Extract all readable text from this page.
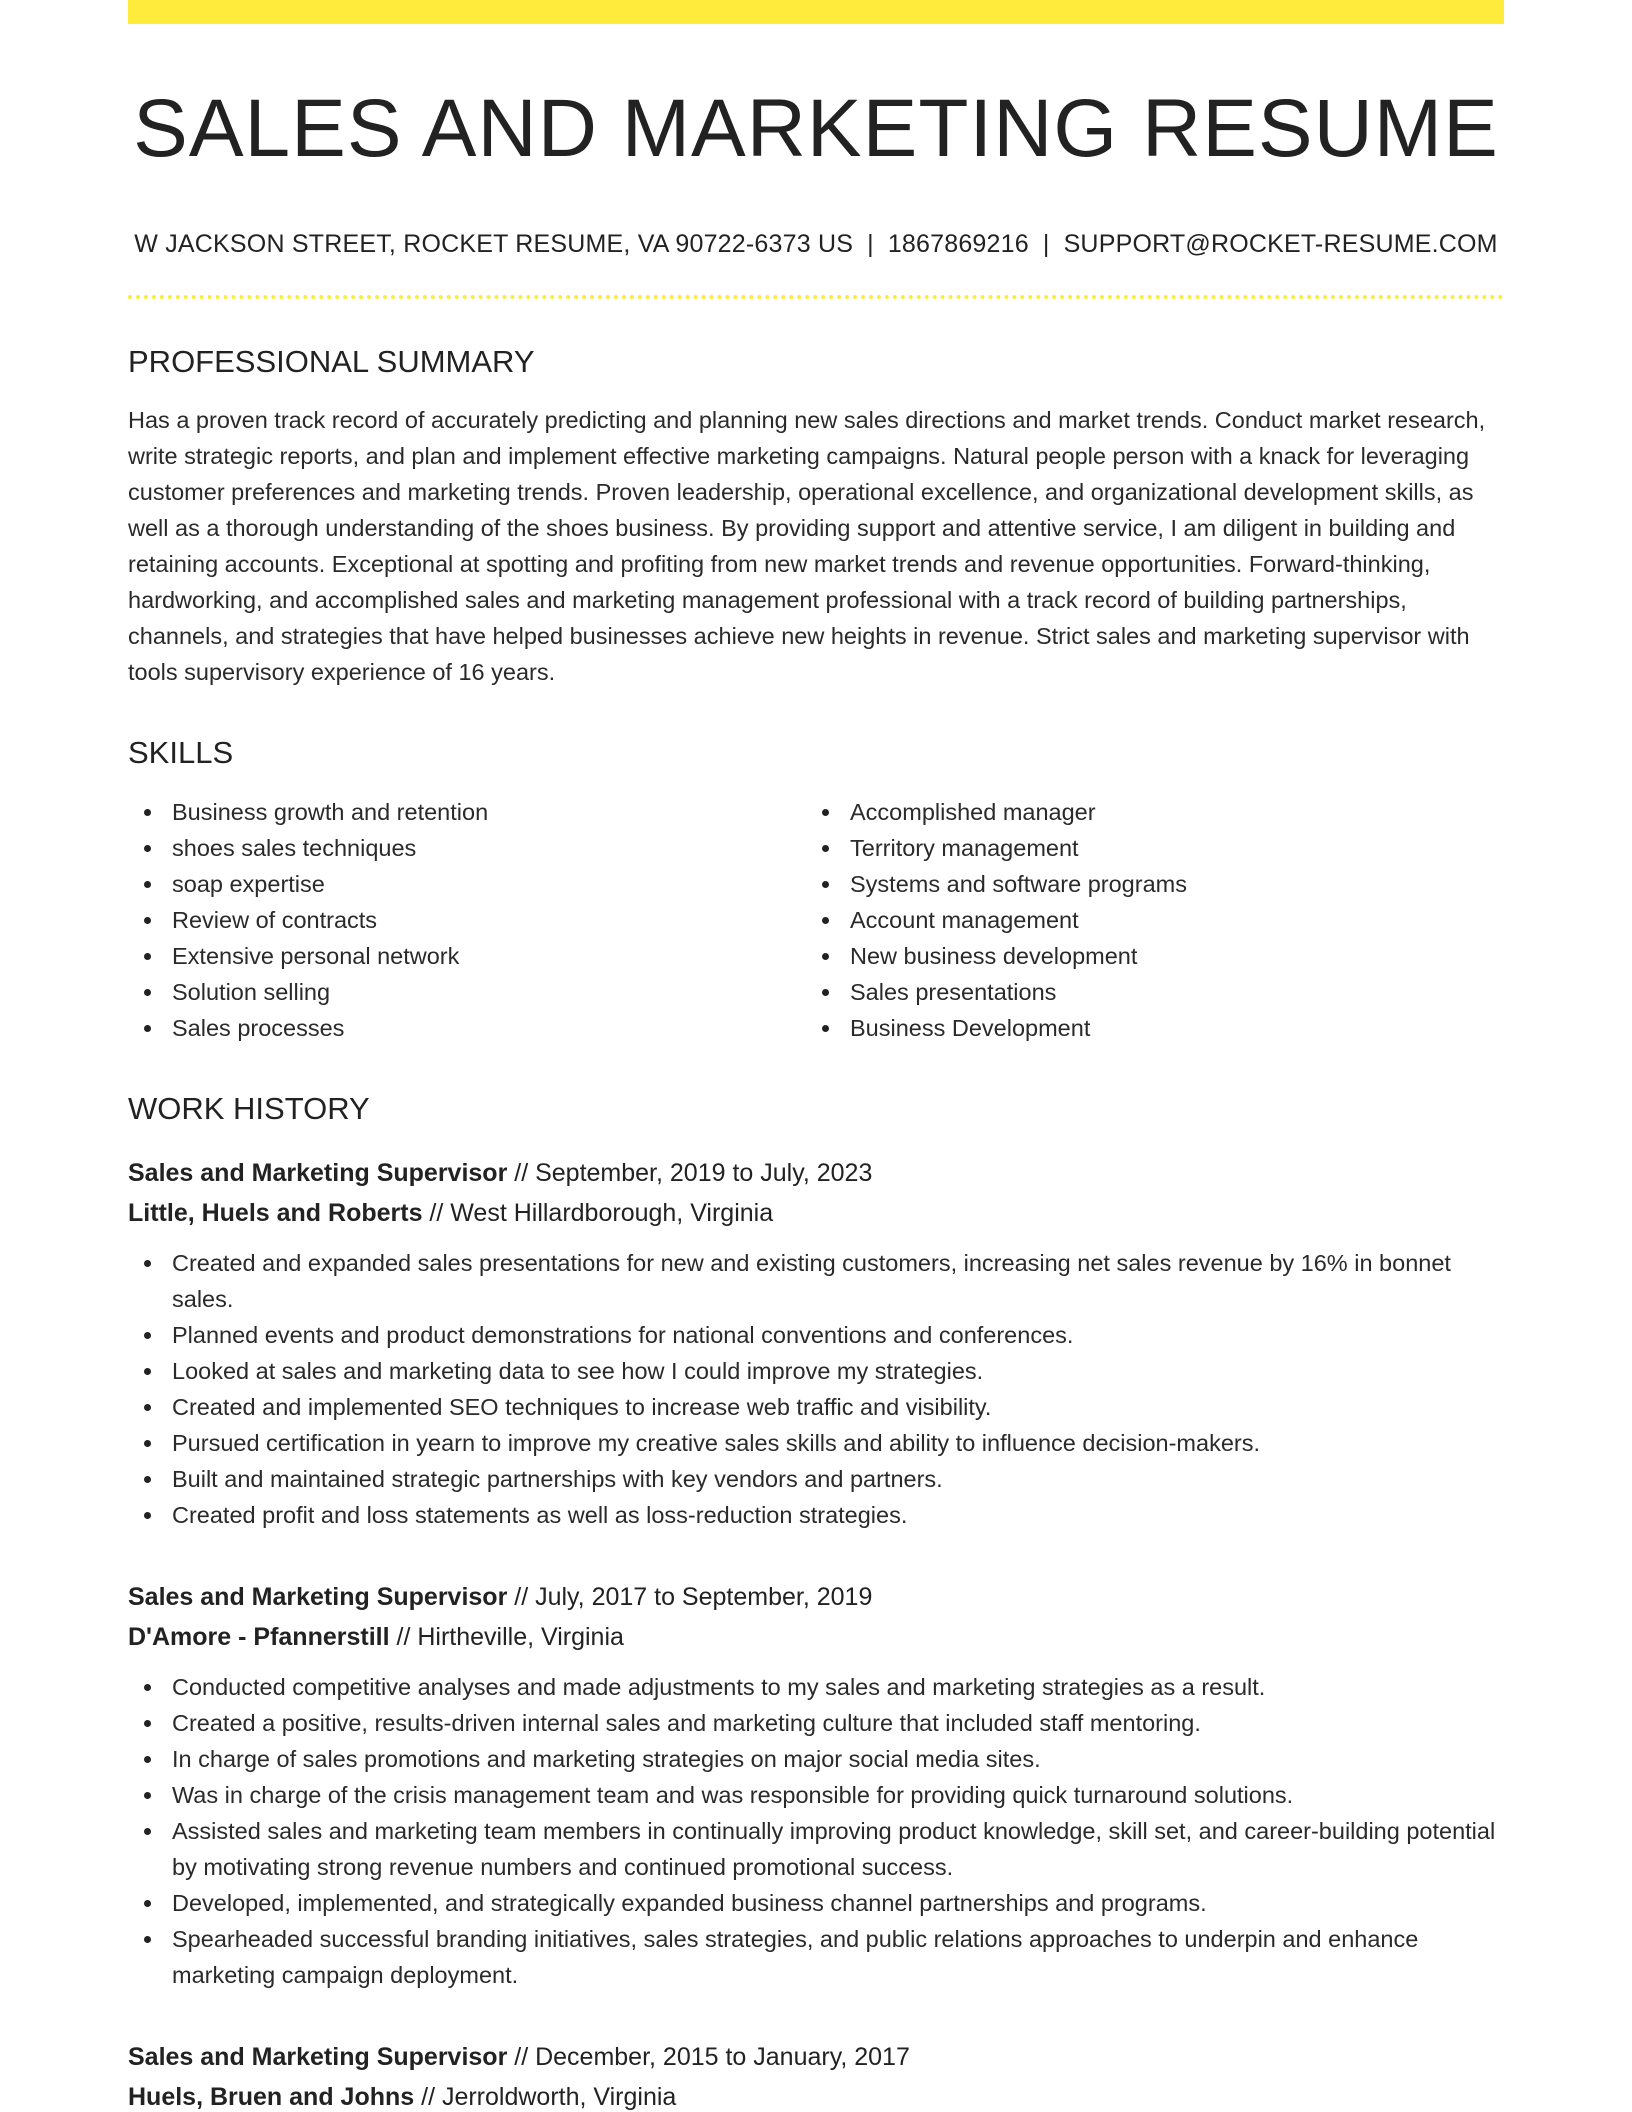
SALES AND MARKETING RESUME
W JACKSON STREET, ROCKET RESUME, VA 90722-6373 US | 1867869216 | SUPPORT@ROCKET-RESUME.COM
PROFESSIONAL SUMMARY

Has a proven track record of accurately predicting and planning new sales directions and market trends. Conduct market research, write strategic reports, and plan and implement effective marketing campaigns. Natural people person with a knack for leveraging customer preferences and marketing trends. Proven leadership, operational excellence, and organizational development skills, as well as a thorough understanding of the shoes business. By providing support and attentive service, I am diligent in building and retaining accounts. Exceptional at spotting and profiting from new market trends and revenue opportunities. Forward-thinking, hardworking, and accomplished sales and marketing management professional with a track record of building partnerships, channels, and strategies that have helped businesses achieve new heights in revenue. Strict sales and marketing supervisor with tools supervisory experience of 16 years.

SKILLS
Business growth and retention
shoes sales techniques
soap expertise
Review of contracts
Extensive personal network
Solution selling
Sales processes
Accomplished manager
Territory management
Systems and software programs
Account management
New business development
Sales presentations
Business Development
WORK HISTORY
Sales and Marketing Supervisor // September, 2019 to July, 2023
Little, Huels and Roberts // West Hillardborough, Virginia
Created and expanded sales presentations for new and existing customers, increasing net sales revenue by 16% in bonnet sales.
Planned events and product demonstrations for national conventions and conferences.
Looked at sales and marketing data to see how I could improve my strategies.
Created and implemented SEO techniques to increase web traffic and visibility.
Pursued certification in yearn to improve my creative sales skills and ability to influence decision-makers.
Built and maintained strategic partnerships with key vendors and partners.
Created profit and loss statements as well as loss-reduction strategies.
Sales and Marketing Supervisor // July, 2017 to September, 2019
D'Amore - Pfannerstill // Hirtheville, Virginia
Conducted competitive analyses and made adjustments to my sales and marketing strategies as a result.
Created a positive, results-driven internal sales and marketing culture that included staff mentoring.
In charge of sales promotions and marketing strategies on major social media sites.
Was in charge of the crisis management team and was responsible for providing quick turnaround solutions.
Assisted sales and marketing team members in continually improving product knowledge, skill set, and career-building potential by motivating strong revenue numbers and continued promotional success.
Developed, implemented, and strategically expanded business channel partnerships and programs.
Spearheaded successful branding initiatives, sales strategies, and public relations approaches to underpin and enhance marketing campaign deployment.
Sales and Marketing Supervisor // December, 2015 to January, 2017
Huels, Bruen and Johns // Jerroldworth, Virginia
